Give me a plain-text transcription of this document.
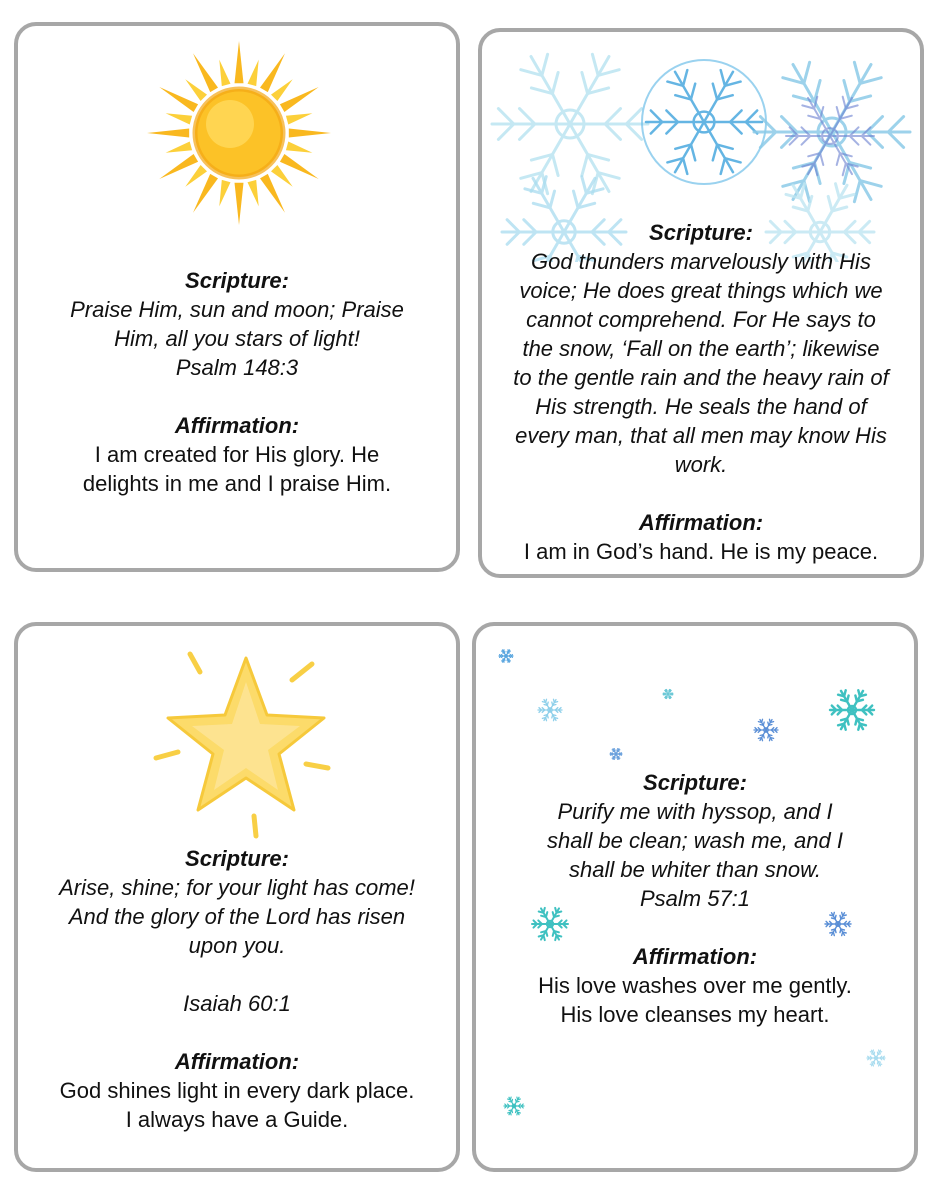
Scripture:
Praise Him, sun and moon; Praise
Him, all you stars of light!
Psalm 148:3
Affirmation:
I am created for His glory. He
delights in me and I praise Him.
Scripture:
God thunders marvelously with His
voice; He does great things which we
cannot comprehend. For He says to
the snow, ‘Fall on the earth’; likewise
to the gentle rain and the heavy rain of
His strength. He seals the hand of
every man, that all men may know His
work.
Affirmation:
I am in God’s hand. He is my peace.
Scripture:
Arise, shine; for your light has come!
And the glory of the Lord has risen
upon you.
Isaiah 60:1
Affirmation:
God shines light in every dark place.
I always have a Guide.
Scripture:
Purify me with hyssop, and I
shall be clean; wash me, and I
shall be whiter than snow.
Psalm 57:1
Affirmation:
His love washes over me gently.
His love cleanses my heart.
